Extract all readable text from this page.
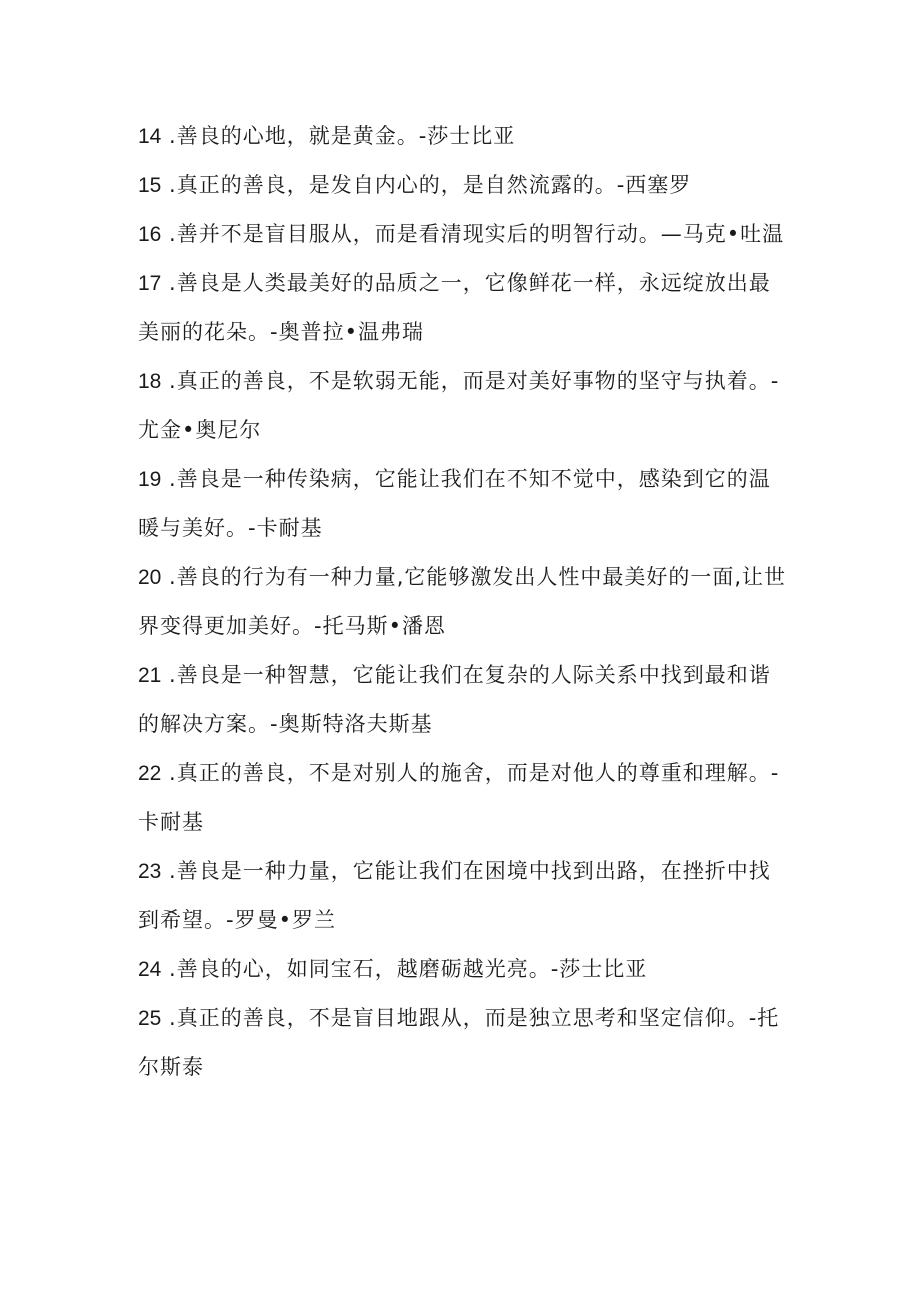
14 .善良的心地，就是黄金。-莎士比亚
15 .真正的善良，是发自内心的，是自然流露的。-西塞罗
16 .善并不是盲目服从，而是看清现实后的明智行动。—马克•吐温
17 .善良是人类最美好的品质之一，它像鲜花一样，永远绽放出最美丽的花朵。-奥普拉•温弗瑞
18 .真正的善良，不是软弱无能，而是对美好事物的坚守与执着。-尤金•奥尼尔
19 .善良是一种传染病，它能让我们在不知不觉中，感染到它的温暖与美好。-卡耐基
20 .善良的行为有一种力量,它能够激发出人性中最美好的一面,让世界变得更加美好。-托马斯•潘恩
21 .善良是一种智慧，它能让我们在复杂的人际关系中找到最和谐的解决方案。-奥斯特洛夫斯基
22 .真正的善良，不是对别人的施舍，而是对他人的尊重和理解。-卡耐基
23 .善良是一种力量，它能让我们在困境中找到出路，在挫折中找到希望。-罗曼•罗兰
24 .善良的心，如同宝石，越磨砺越光亮。-莎士比亚
25 .真正的善良，不是盲目地跟从，而是独立思考和坚定信仰。-托尔斯泰
